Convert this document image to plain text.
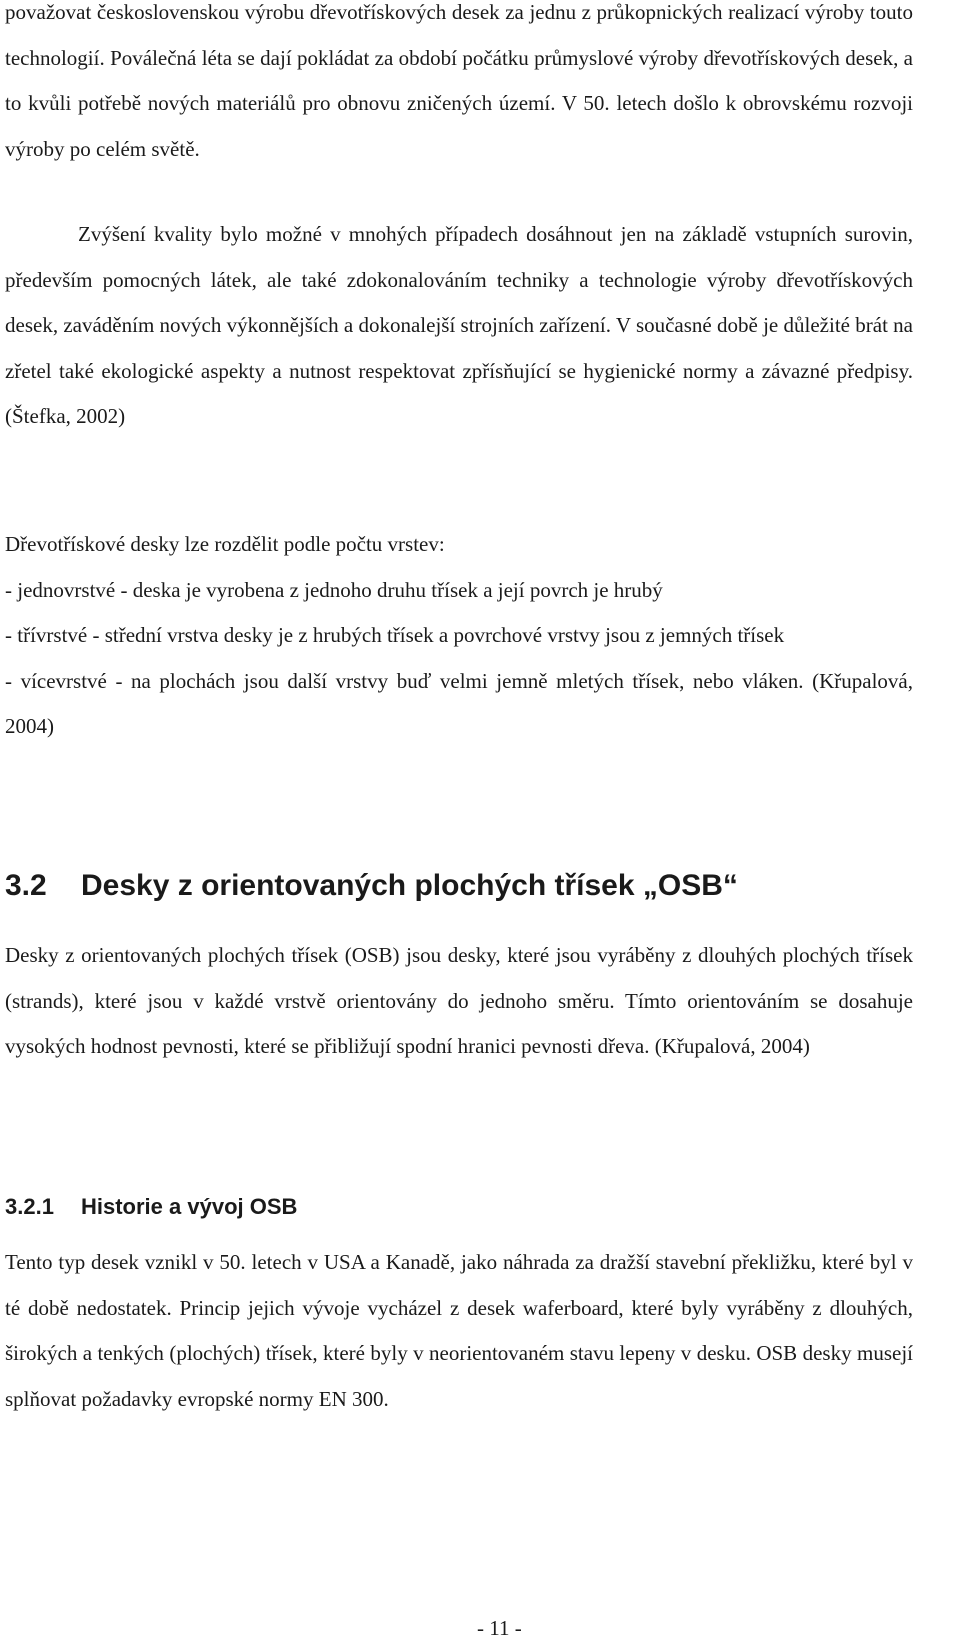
považovat československou výrobu dřevotřískových desek za jednu z průkopnických realizací výroby touto technologií. Poválečná léta se dají pokládat za období počátku průmyslové výroby dřevotřískových desek, a to kvůli potřebě nových materiálů pro obnovu zničených území. V 50. letech došlo k obrovskému rozvoji výroby po celém světě.

Zvýšení kvality bylo možné v mnohých případech dosáhnout jen na základě vstupních surovin, především pomocných látek, ale také zdokonalováním techniky a technologie výroby dřevotřískových desek, zaváděním nových výkonnějších a dokonalejší strojních zařízení. V současné době je důležité brát na zřetel také ekologické aspekty a nutnost respektovat zpřísňující se hygienické normy a závazné předpisy. (Štefka, 2002)

Dřevotřískové desky lze rozdělit podle počtu vrstev:

- jednovrstvé - deska je vyrobena z jednoho druhu třísek a její povrch je hrubý

- třívrstvé - střední vrstva desky je z hrubých třísek a povrchové vrstvy jsou z jemných třísek

- vícevrstvé - na plochách jsou další vrstvy buď velmi jemně mletých třísek, nebo vláken. (Křupalová, 2004)

3.2	Desky z orientovaných plochých třísek „OSB“

Desky z orientovaných plochých třísek (OSB) jsou desky, které jsou vyráběny z dlouhých plochých třísek (strands), které jsou v každé vrstvě orientovány do jednoho směru. Tímto orientováním se dosahuje vysokých hodnost pevnosti, které se přibližují spodní hranici pevnosti dřeva. (Křupalová, 2004)

3.2.1	Historie a vývoj OSB

Tento typ desek vznikl v 50. letech v USA a Kanadě, jako náhrada za dražší stavební překližku, které byl v té době nedostatek. Princip jejich vývoje vycházel z desek waferboard, které byly vyráběny z dlouhých, širokých a tenkých (plochých) třísek, které byly v neorientovaném stavu lepeny v desku. OSB desky musejí splňovat požadavky evropské normy EN 300.

- 11 -
